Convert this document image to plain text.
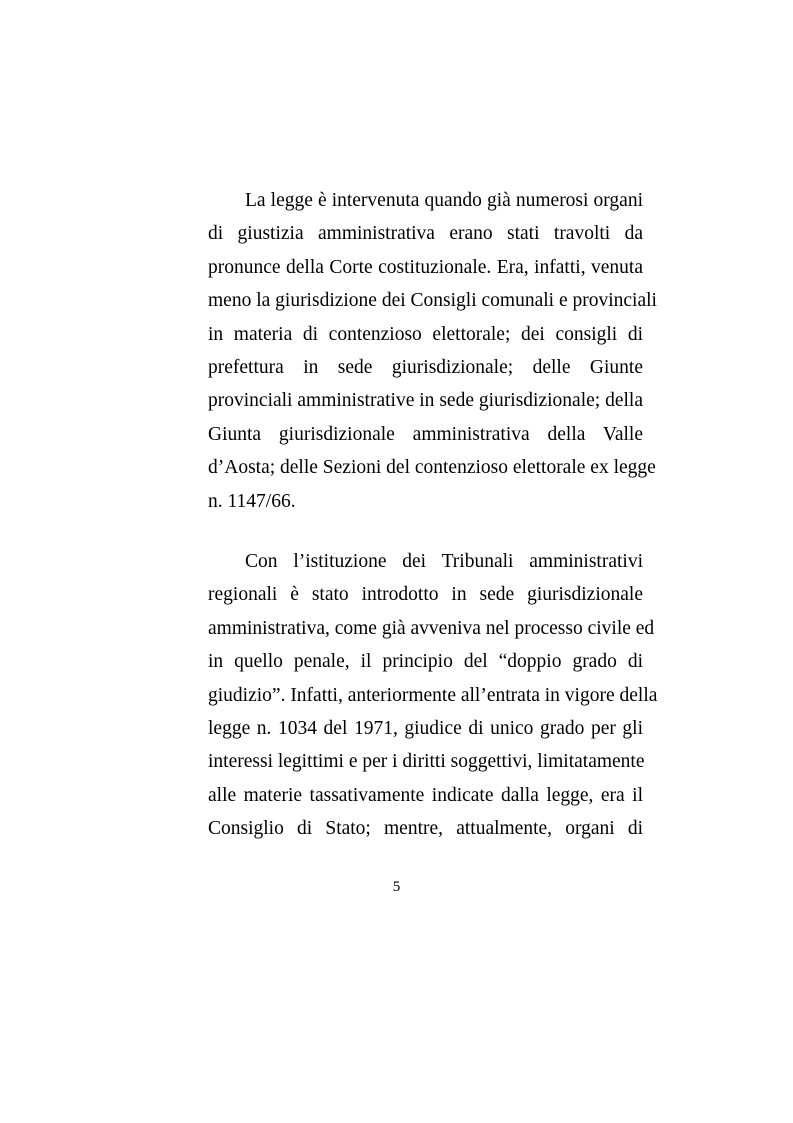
La legge è intervenuta quando già numerosi organi
di giustizia amministrativa erano stati travolti da
pronunce della Corte costituzionale. Era, infatti, venuta
meno la giurisdizione dei Consigli comunali e provinciali
in materia di contenzioso elettorale; dei consigli di
prefettura in sede giurisdizionale; delle Giunte
provinciali amministrative in sede giurisdizionale; della
Giunta giurisdizionale amministrativa della Valle
d’Aosta; delle Sezioni del contenzioso elettorale ex legge
n. 1147/66.
Con l’istituzione dei Tribunali amministrativi
regionali è stato introdotto in sede giurisdizionale
amministrativa, come già avveniva nel processo civile ed
in quello penale, il principio del “doppio grado di
giudizio”. Infatti, anteriormente all’entrata in vigore della
legge n. 1034 del 1971, giudice di unico grado per gli
interessi legittimi e per i diritti soggettivi, limitatamente
alle materie tassativamente indicate dalla legge, era il
Consiglio di Stato; mentre, attualmente, organi di
5
